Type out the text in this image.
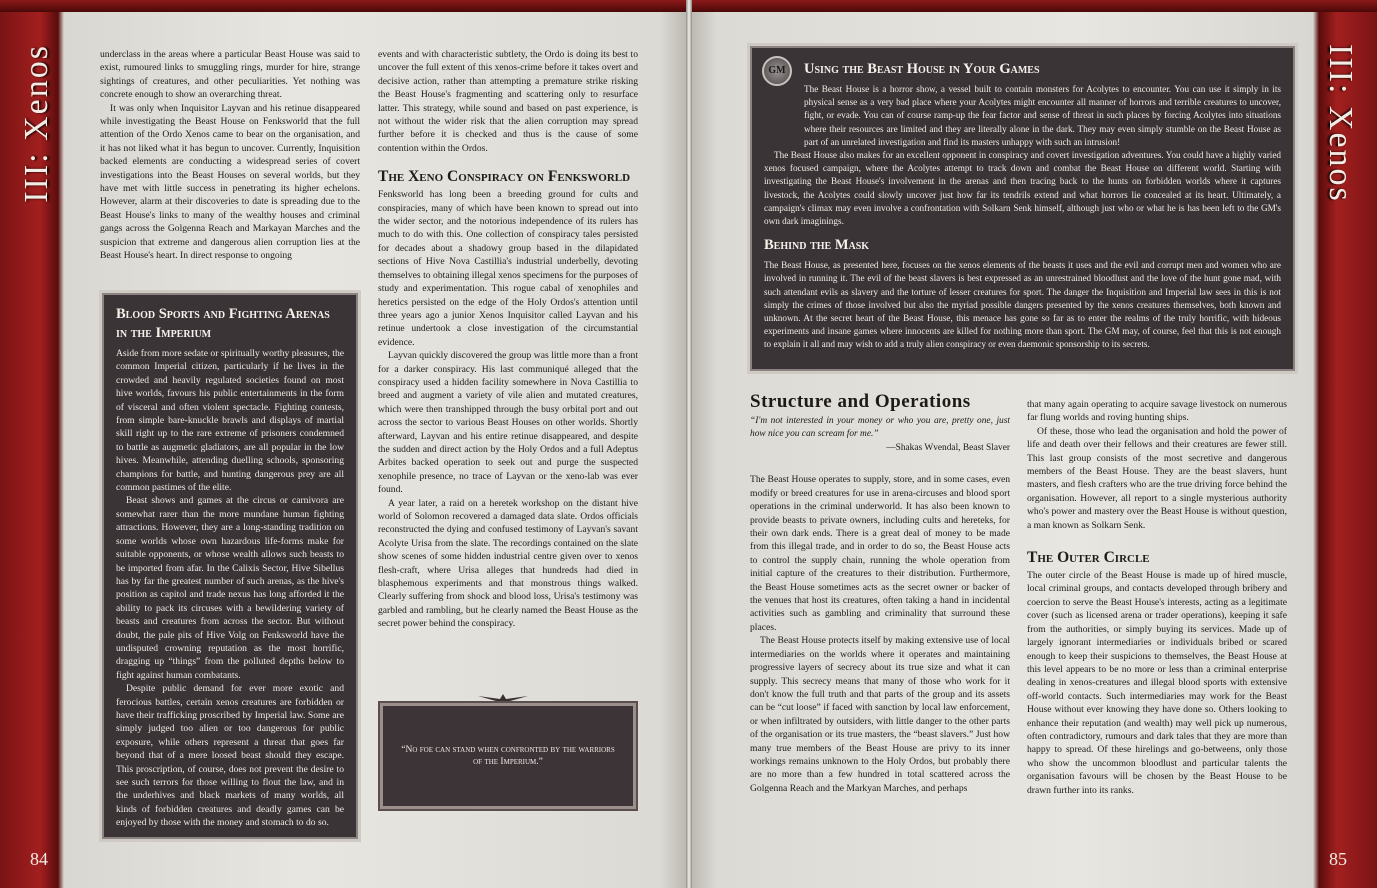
III: Xenos	underclass in the areas where a particular Beast House was said to exist, rumoured links to smuggling rings, murder for hire, strange sightings of creatures, and other peculiarities. Yet nothing was concrete enough to show an overarching threat.

It was only when Inquisitor Layvan and his retinue disappeared while investigating the Beast House on Fenksworld that the full attention of the Ordo Xenos came to bear on the organisation, and it has not liked what it has begun to uncover. Currently, Inquisition backed elements are conducting a widespread series of covert investigations into the Beast Houses on several worlds, but they have met with little success in penetrating its higher echelons. However, alarm at their discoveries to date is spreading due to the Beast House's links to many of the wealthy houses and criminal gangs across the Golgenna Reach and Markayan Marches and the suspicion that extreme and dangerous alien corruption lies at the Beast House's heart. In direct response to ongoing

Blood Sports and Fighting Arenas in the Imperium

Aside from more sedate or spiritually worthy pleasures, the common Imperial citizen, particularly if he lives in the crowded and heavily regulated societies found on most hive worlds, favours his public entertainments in the form of visceral and often violent spectacle. Fighting contests, from simple bare-knuckle brawls and displays of martial skill right up to the rare extreme of prisoners condemned to battle as augmetic gladiators, are all popular in the low hives. Meanwhile, attending duelling schools, sponsoring champions for battle, and hunting dangerous prey are all common pastimes of the elite.

Beast shows and games at the circus or carnivora are somewhat rarer than the more mundane human fighting attractions. However, they are a long-standing tradition on some worlds whose own hazardous life-forms make for suitable opponents, or whose wealth allows such beasts to be imported from afar. In the Calixis Sector, Hive Sibellus has by far the greatest number of such arenas, as the hive's position as capitol and trade nexus has long afforded it the ability to pack its circuses with a bewildering variety of beasts and creatures from across the sector. But without doubt, the pale pits of Hive Volg on Fenksworld have the undisputed crowning reputation as the most horrific, dragging up “things” from the polluted depths below to fight against human combatants.

Despite public demand for ever more exotic and ferocious battles, certain xenos creatures are forbidden or have their trafficking proscribed by Imperial law. Some are simply judged too alien or too dangerous for public exposure, while others represent a threat that goes far beyond that of a mere loosed beast should they escape. This proscription, of course, does not prevent the desire to see such terrors for those willing to flout the law, and in the underhives and black markets of many worlds, all kinds of forbidden creatures and deadly games can be enjoyed by those with the money and stomach to do so.

events and with characteristic subtlety, the Ordo is doing its best to uncover the full extent of this xenos-crime before it takes overt and decisive action, rather than attempting a premature strike risking the Beast House's fragmenting and scattering only to resurface latter. This strategy, while sound and based on past experience, is not without the wider risk that the alien corruption may spread further before it is checked and thus is the cause of some contention within the Ordos.

The Xeno Conspiracy on Fenksworld

Fenksworld has long been a breeding ground for cults and conspiracies, many of which have been known to spread out into the wider sector, and the notorious independence of its rulers has much to do with this. One collection of conspiracy tales persisted for decades about a shadowy group based in the dilapidated sections of Hive Nova Castillia's industrial underbelly, devoting themselves to obtaining illegal xenos specimens for the purposes of study and experimentation. This rogue cabal of xenophiles and heretics persisted on the edge of the Holy Ordos's attention until three years ago a junior Xenos Inquisitor called Layvan and his retinue undertook a close investigation of the circumstantial evidence.

Layvan quickly discovered the group was little more than a front for a darker conspiracy. His last communiqué alleged that the conspiracy used a hidden facility somewhere in Nova Castillia to breed and augment a variety of vile alien and mutated creatures, which were then transhipped through the busy orbital port and out across the sector to various Beast Houses on other worlds. Shortly afterward, Layvan and his entire retinue disappeared, and despite the sudden and direct action by the Holy Ordos and a full Adeptus Arbites backed operation to seek out and purge the suspected xenophile presence, no trace of Layvan or the xeno-lab was ever found.

A year later, a raid on a heretek workshop on the distant hive world of Solomon recovered a damaged data slate. Ordos officials reconstructed the dying and confused testimony of Layvan's savant Acolyte Urisa from the slate. The recordings contained on the slate show scenes of some hidden industrial centre given over to xenos flesh-craft, where Urisa alleges that hundreds had died in blasphemous experiments and that monstrous things walked. Clearly suffering from shock and blood loss, Urisa's testimony was garbled and rambling, but he clearly named the Beast House as the secret power behind the conspiracy.

“No foe can stand when confronted by the warriors of the Imperium.”
84
III: Xenos
GM	Using the Beast House in Your Games

The Beast House is a horror show, a vessel built to contain monsters for Acolytes to encounter. You can use it simply in its physical sense as a very bad place where your Acolytes might encounter all manner of horrors and terrible creatures to uncover, fight, or evade. You can of course ramp-up the fear factor and sense of threat in such places by forcing Acolytes into situations where their resources are limited and they are literally alone in the dark. They may even simply stumble on the Beast House as part of an unrelated investigation and find its masters unhappy with such an intrusion!

The Beast House also makes for an excellent opponent in conspiracy and covert investigation adventures. You could have a highly varied xenos focused campaign, where the Acolytes attempt to track down and combat the Beast House on different world. Starting with investigating the Beast House's involvement in the arenas and then tracing back to the hunts on forbidden worlds where it captures livestock, the Acolytes could slowly uncover just how far its tendrils extend and what horrors lie concealed at its heart. Ultimately, a campaign's climax may even involve a confrontation with Solkarn Senk himself, although just who or what he is has been left to the GM's own dark imaginings.

Behind the Mask

The Beast House, as presented here, focuses on the xenos elements of the beasts it uses and the evil and corrupt men and women who are involved in running it. The evil of the beast slavers is best expressed as an unrestrained bloodlust and the love of the hunt gone mad, with such attendant evils as slavery and the torture of lesser creatures for sport. The danger the Inquisition and Imperial law sees in this is not simply the crimes of those involved but also the myriad possible dangers presented by the xenos creatures themselves, both known and unknown. At the secret heart of the Beast House, this menace has gone so far as to enter the realms of the truly horrific, with hideous experiments and insane games where innocents are killed for nothing more than sport. The GM may, of course, feel that this is not enough to explain it all and may wish to add a truly alien conspiracy or even daemonic sponsorship to its secrets.

Structure and Operations
“I'm not interested in your money or who you are, pretty one, just how nice you can scream for me.”
—Shakas Wvendal, Beast Slaver

The Beast House operates to supply, store, and in some cases, even modify or breed creatures for use in arena-circuses and blood sport operations in the criminal underworld. It has also been known to provide beasts to private owners, including cults and hereteks, for their own dark ends. There is a great deal of money to be made from this illegal trade, and in order to do so, the Beast House acts to control the supply chain, running the whole operation from initial capture of the creatures to their distribution. Furthermore, the Beast House sometimes acts as the secret owner or backer of the venues that host its creatures, often taking a hand in incidental activities such as gambling and criminality that surround these places.

The Beast House protects itself by making extensive use of local intermediaries on the worlds where it operates and maintaining progressive layers of secrecy about its true size and what it can supply. This secrecy means that many of those who work for it don't know the full truth and that parts of the group and its assets can be “cut loose” if faced with sanction by local law enforcement, or when infiltrated by outsiders, with little danger to the other parts of the organisation or its true masters, the “beast slavers.” Just how many true members of the Beast House are privy to its inner workings remains unknown to the Holy Ordos, but probably there are no more than a few hundred in total scattered across the Golgenna Reach and the Markyan Marches, and perhaps

that many again operating to acquire savage livestock on numerous far flung worlds and roving hunting ships.

Of these, those who lead the organisation and hold the power of life and death over their fellows and their creatures are fewer still. This last group consists of the most secretive and dangerous members of the Beast House. They are the beast slavers, hunt masters, and flesh crafters who are the true driving force behind the organisation. However, all report to a single mysterious authority who's power and mastery over the Beast House is without question, a man known as Solkarn Senk.

The Outer Circle

The outer circle of the Beast House is made up of hired muscle, local criminal groups, and contacts developed through bribery and coercion to serve the Beast House's interests, acting as a legitimate cover (such as licensed arena or trader operations), keeping it safe from the authorities, or simply buying its services. Made up of largely ignorant intermediaries or individuals bribed or scared enough to keep their suspicions to themselves, the Beast House at this level appears to be no more or less than a criminal enterprise dealing in xenos-creatures and illegal blood sports with extensive off-world contacts. Such intermediaries may work for the Beast House without ever knowing they have done so. Others looking to enhance their reputation (and wealth) may well pick up numerous, often contradictory, rumours and dark tales that they are more than happy to spread. Of these hirelings and go-betweens, only those who show the uncommon bloodlust and particular talents the organisation favours will be chosen by the Beast House to be drawn further into its ranks.

85
